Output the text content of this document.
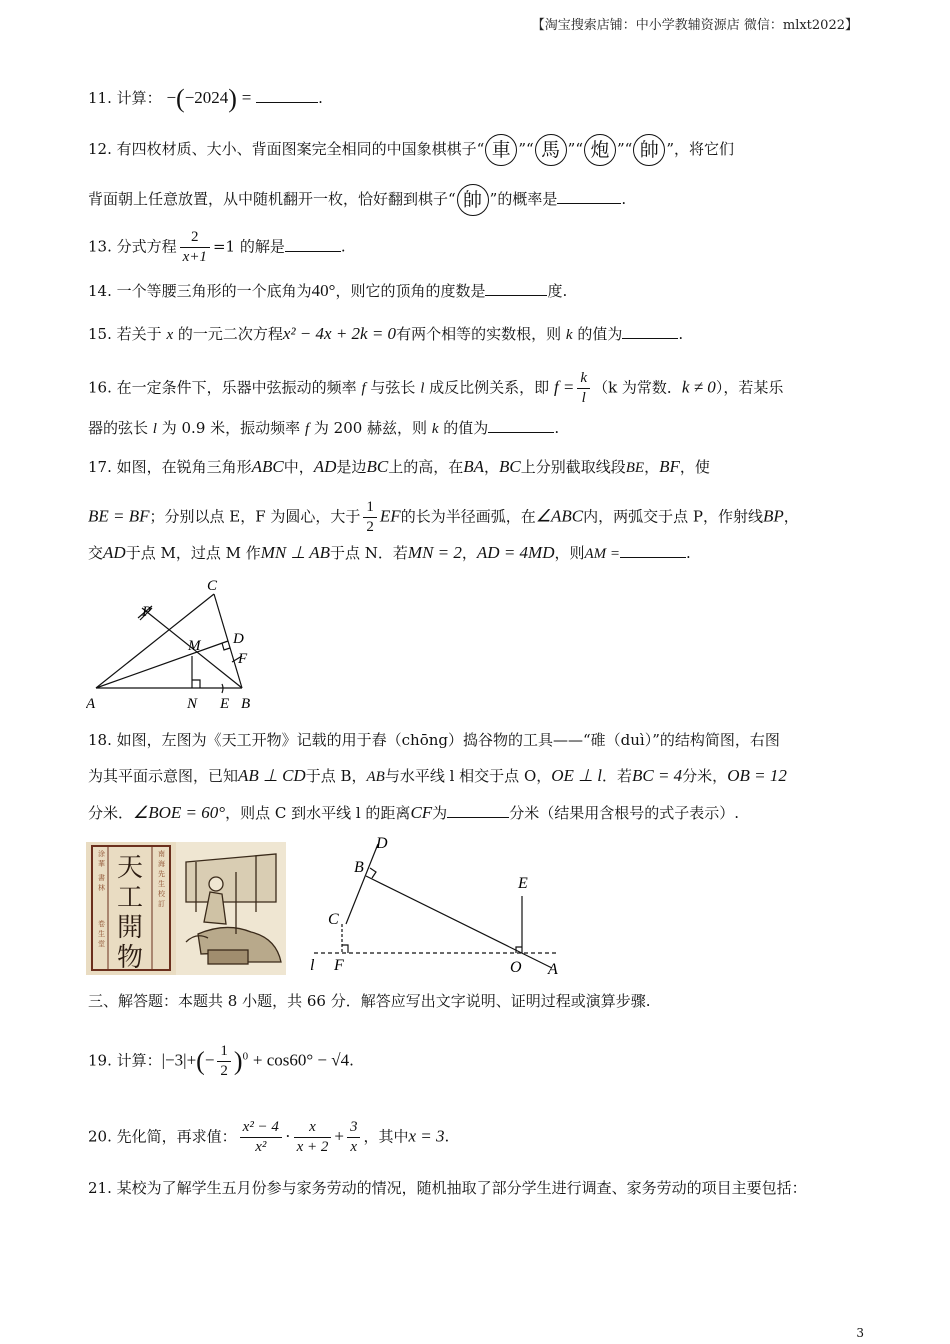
【淘宝搜索店铺：中小学教辅资源店 微信：mlxt2022】
11. 计算： −(−2024) =	.
12. 有四枚材质、大小、背面图案完全相同的中国象棋棋子“ 車 ”“ 馬 ”“ 炮 ”“ 帥 ”，将它们
背面朝上任意放置，从中随机翻开一枚，恰好翻到棋子“ 帥 ”的概率是	.
13. 分式方程 $\frac{2}{x+1} =1$ 的解是	.
14. 一个等腰三角形的一个底角为40°，则它的顶角的度数是	度.
15. 若关于 x 的一元二次方程x² − 4x + 2k = 0有两个相等的实数根，则 k 的值为	.
16. 在一定条件下，乐器中弦振动的频率 f 与弦长 l 成反比例关系，即 $f = \frac{k}{l} (k$ 为常数．k ≠ 0），若某乐
器的弦长 l 为 0.9 米，振动频率 f 为 200 赫兹，则 k 的值为	.
17. 如图，在锐角三角形ABC中，AD是边BC上的高，在BA，BC上分别截取线段BE，BF，使
BE = BF；分别以点 E，F 为圆心，大于 $\frac{1}{2}$ EF的长为半径画弧，在∠ABC内，两弧交于点 P，作射线BP，
交AD于点 M，过点 M 作MN ⊥ AB于点 N．若MN = 2，AD = 4MD，则AM =	.
A	B
C
D
E
F
M
N
P
18. 如图，左图为《天工开物》记载的用于舂（chōng）捣谷物的工具——“碓（duì）”的结构简图，右图
为其平面示意图，已知AB ⊥ CD于点 B，AB与水平线 l 相交于点 O，OE ⊥ l．若BC = 4分米，OB = 12
分米．∠BOE = 60°，则点 C 到水平线 l 的距离CF为	分米（结果用含根号的式子表示）.
天
工
開
物
涂
華
書
林
卷
生
堂
南
海
先
生
校
訂
D
B
C
E
F	O A
l
三、解答题：本题共 8 小题，共 66 分．解答应写出文字说明、证明过程或演算步骤.
19. 计算：$|-3|+(- \frac{1}{2} )^0 + \cos 60^\circ - √4$.
20. 先化简，再求值： $\frac{\text{x² − 4}}{\text{x²}} \cdot \frac{x}{x + 2} + \frac{3}{x}$ ，其中x = 3.
21. 某校为了解学生五月份参与家务劳动的情况，随机抽取了部分学生进行调查、家务劳动的项目主要包括：
3
